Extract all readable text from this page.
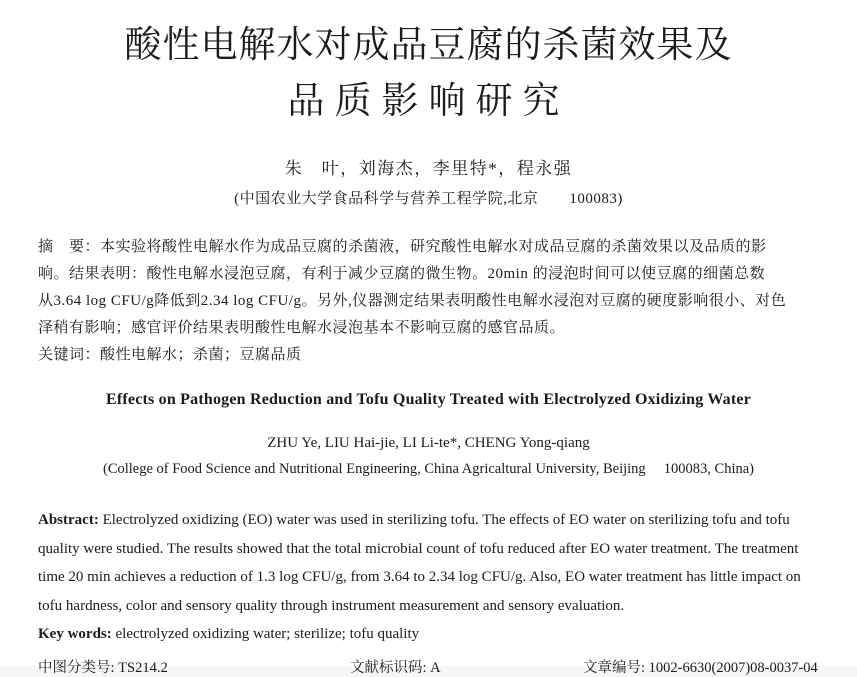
酸性电解水对成品豆腐的杀菌效果及
品质影响研究
朱　叶，刘海杰，李里特*，程永强
(中国农业大学食品科学与营养工程学院,北京　　100083)
摘　要：本实验将酸性电解水作为成品豆腐的杀菌液，研究酸性电解水对成品豆腐的杀菌效果以及品质的影
响。结果表明：酸性电解水浸泡豆腐，有利于减少豆腐的微生物。20min 的浸泡时间可以使豆腐的细菌总数
从3.64 log CFU/g降低到2.34 log CFU/g。另外,仪器测定结果表明酸性电解水浸泡对豆腐的硬度影响很小、对色
泽稍有影响；感官评价结果表明酸性电解水浸泡基本不影响豆腐的感官品质。
关键词：酸性电解水；杀菌；豆腐品质
Effects on Pathogen Reduction and Tofu Quality Treated with Electrolyzed Oxidizing Water
ZHU Ye, LIU Hai-jie, LI Li-te*, CHENG Yong-qiang
(College of Food Science and Nutritional Engineering, China Agricaltural University, Beijing　 100083, China)
Abstract: Electrolyzed oxidizing (EO) water was used in sterilizing tofu. The effects of EO water on sterilizing tofu and tofu
quality were studied. The results showed that the total microbial count of tofu reduced after EO water treatment. The treatment
time 20 min achieves a reduction of 1.3 log CFU/g, from 3.64 to 2.34 log CFU/g. Also, EO water treatment has little impact on
tofu hardness, color and sensory quality through instrument measurement and sensory evaluation.
Key words: electrolyzed oxidizing water; sterilize; tofu quality
中图分类号: TS214.2	文献标识码: A	文章编号: 1002-6630(2007)08-0037-04
